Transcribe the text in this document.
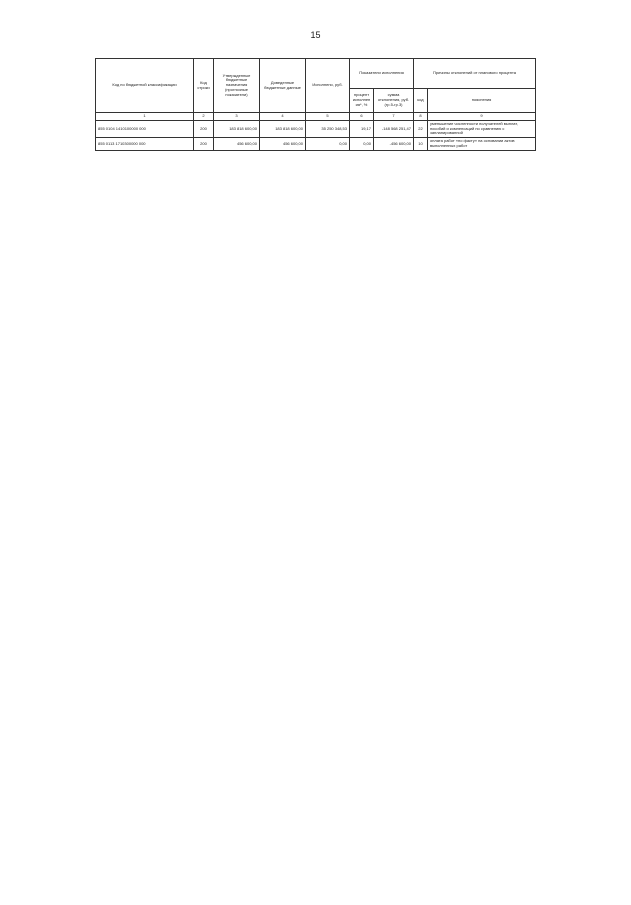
15
Код по бюджетной классификации	Код строки	Утвержденные бюджетные назначения (прогнозные показатели)	Доведенные бюджетные данные	Исполнено, руб.	Показатели исполнения		Причины отклонений от планового процента	
					процент исполнения*, %	сумма отклонения, руб. (гр.5-гр.3)	код	пояснения
1	2	3	4	5	6	7	8	9
855 0104 1410100000 000	200	183 818 600,00	183 818 600,00	35 250 348,53	19,17	-148 568 251,47	22	уменьшение численности получателей выплат, пособий и компенсаций по сравнению с запланированной
855 0113 1710300000 000	200	456 600,00	456 600,00	0,00	0,00	-456 600,00	10	оплата работ «по факту» на основании актов выполненных работ
